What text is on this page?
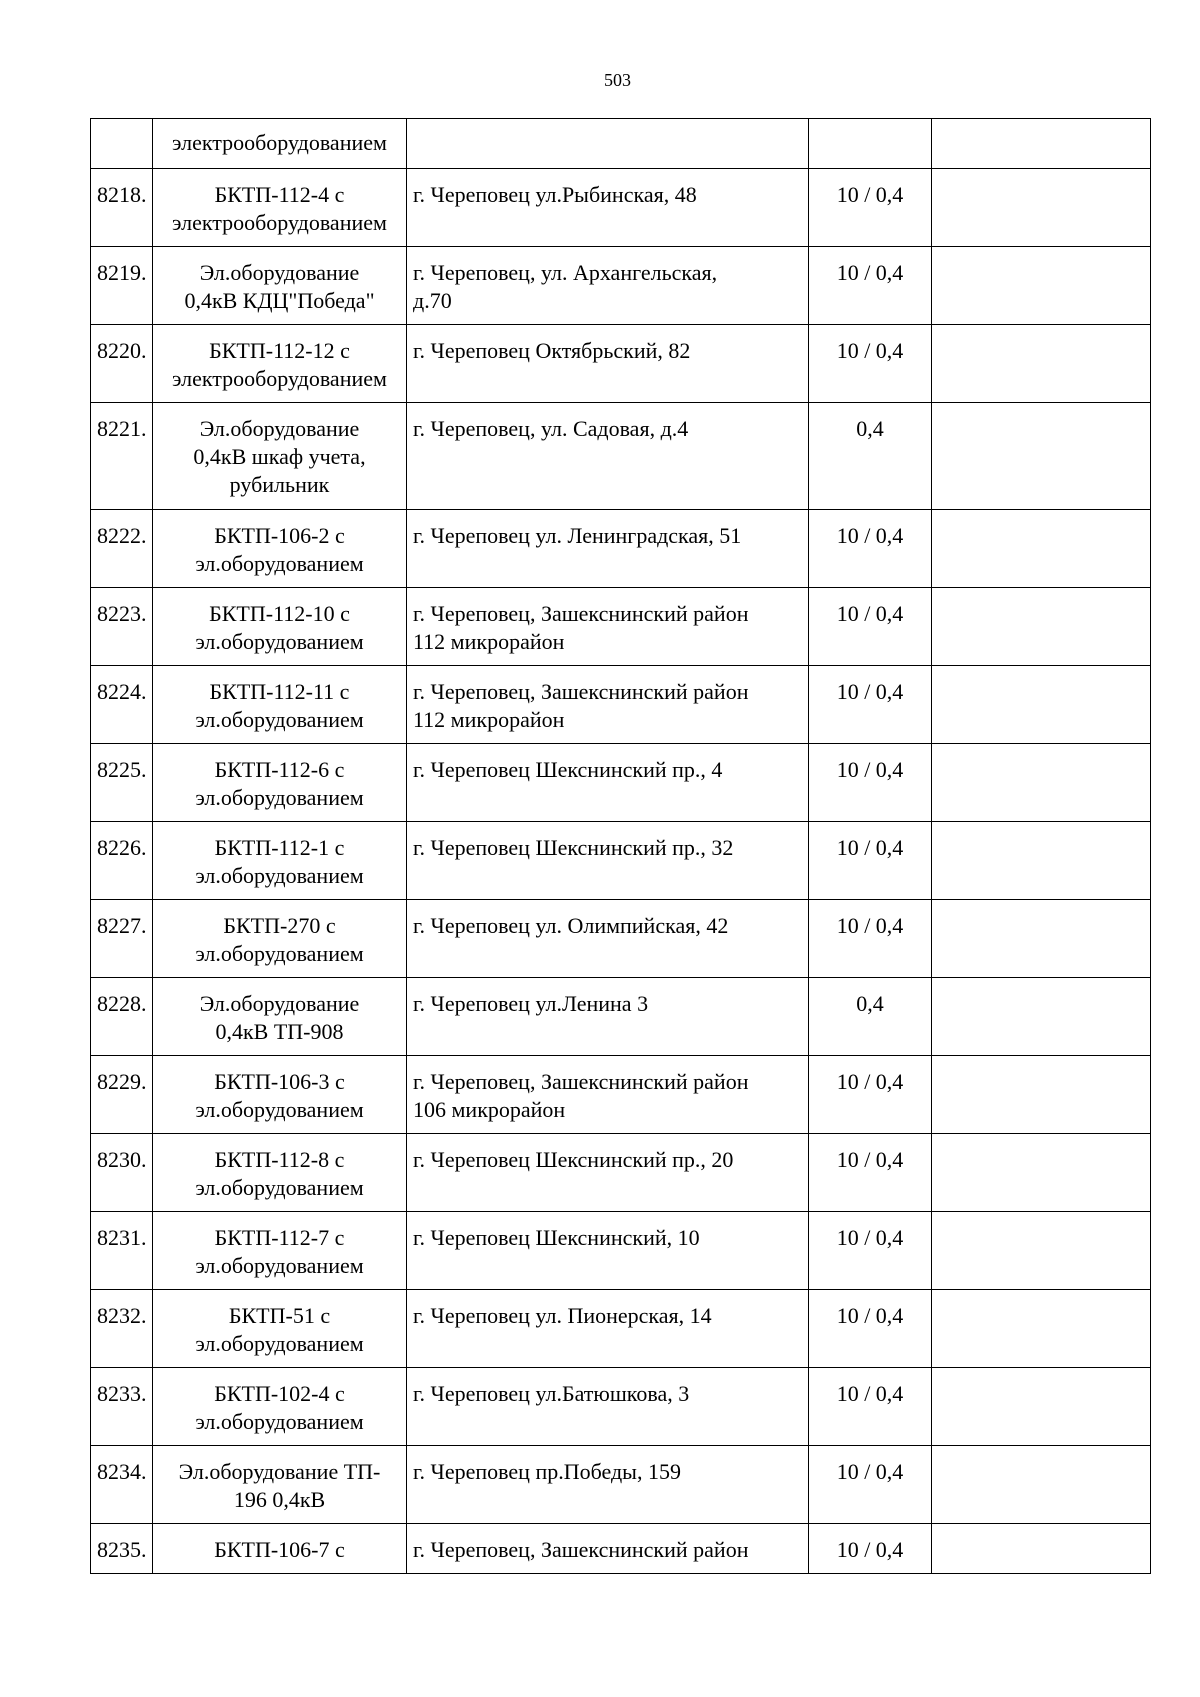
503

	электрооборудованием			

8218.	БКТП-112-4 с
электрооборудованием	г. Череповец ул.Рыбинская, 48	10 / 0,4	
8219.	Эл.оборудование
0,4кВ КДЦ"Победа"	г. Череповец, ул. Архангельская,
д.70	10 / 0,4	
8220.	БКТП-112-12 с
электрооборудованием	г. Череповец Октябрьский, 82	10 / 0,4	
8221.	Эл.оборудование
0,4кВ шкаф учета,
рубильник	г. Череповец, ул. Садовая, д.4	0,4	
8222.	БКТП-106-2 с
эл.оборудованием	г. Череповец ул. Ленинградская, 51	10 / 0,4	
8223.	БКТП-112-10 с
эл.оборудованием	г. Череповец, Зашекснинский район
112 микрорайон	10 / 0,4	
8224.	БКТП-112-11 с
эл.оборудованием	г. Череповец, Зашекснинский район
112 микрорайон	10 / 0,4	
8225.	БКТП-112-6 с
эл.оборудованием	г. Череповец Шекснинский пр., 4	10 / 0,4	
8226.	БКТП-112-1 с
эл.оборудованием	г. Череповец Шекснинский пр., 32	10 / 0,4	
8227.	БКТП-270 с
эл.оборудованием	г. Череповец ул. Олимпийская, 42	10 / 0,4	
8228.	Эл.оборудование
0,4кВ ТП-908	г. Череповец ул.Ленина 3	0,4	
8229.	БКТП-106-3 с
эл.оборудованием	г. Череповец, Зашекснинский район
106 микрорайон	10 / 0,4	
8230.	БКТП-112-8 с
эл.оборудованием	г. Череповец Шекснинский пр., 20	10 / 0,4	
8231.	БКТП-112-7 с
эл.оборудованием	г. Череповец Шекснинский, 10	10 / 0,4	
8232.	БКТП-51 с
эл.оборудованием	г. Череповец ул. Пионерская, 14	10 / 0,4	
8233.	БКТП-102-4 с
эл.оборудованием	г. Череповец ул.Батюшкова, 3	10 / 0,4	
8234.	Эл.оборудование ТП-
196 0,4кВ	г. Череповец пр.Победы, 159	10 / 0,4	
8235.	БКТП-106-7 с	г. Череповец, Зашекснинский район	10 / 0,4	
